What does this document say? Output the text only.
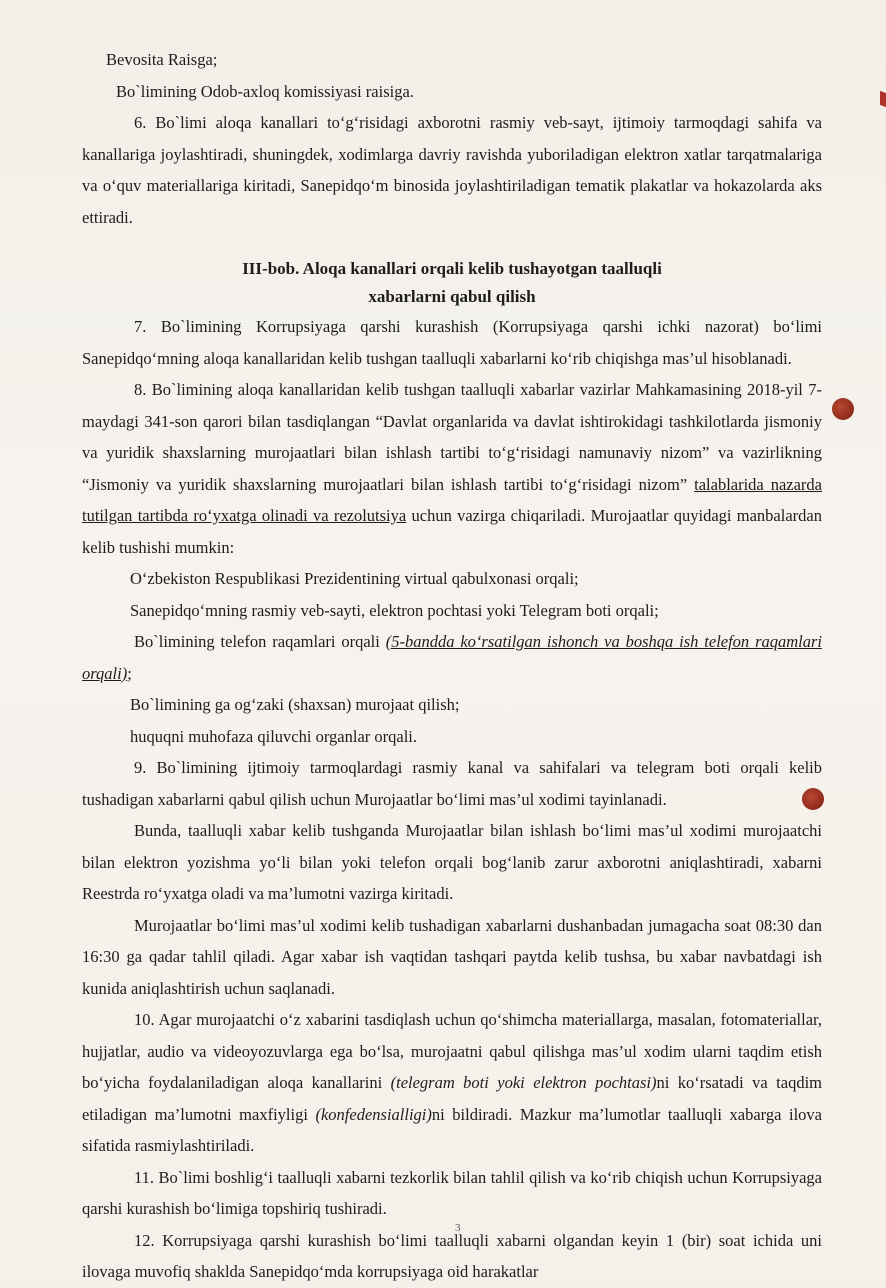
Bevosita Raisga;

Bo`limining Odob-axloq komissiyasi raisiga.

6. Bo`limi aloqa kanallari to‘g‘risidagi axborotni rasmiy veb-sayt, ijtimoiy tarmoqdagi sahifa va kanallariga joylashtiradi, shuningdek, xodimlarga davriy ravishda yuboriladigan elektron xatlar tarqatmalariga va o‘quv materiallariga kiritadi, Sanepidqo‘m binosida joylashtiriladigan tematik plakatlar va hokazolarda aks ettiradi.

III-bob. Aloqa kanallari orqali kelib tushayotgan taalluqli

xabarlarni qabul qilish

7. Bo`limining Korrupsiyaga qarshi kurashish (Korrupsiyaga qarshi ichki nazorat) bo‘limi Sanepidqo‘mning aloqa kanallaridan kelib tushgan taalluqli xabarlarni ko‘rib chiqishga mas’ul hisoblanadi.

8. Bo`limining aloqa kanallaridan kelib tushgan taalluqli xabarlar vazirlar Mahkamasining 2018-yil 7-maydagi 341-son qarori bilan tasdiqlangan “Davlat organlarida va davlat ishtirokidagi tashkilotlarda jismoniy va yuridik shaxslarning murojaatlari bilan ishlash tartibi to‘g‘risidagi namunaviy nizom” va vazirlikning “Jismoniy va yuridik shaxslarning murojaatlari bilan ishlash tartibi to‘g‘risidagi nizom” talablarida nazarda tutilgan tartibda ro‘yxatga olinadi va rezolutsiya uchun vazirga chiqariladi. Murojaatlar quyidagi manbalardan kelib tushishi mumkin:

O‘zbekiston Respublikasi Prezidentining virtual qabulxonasi orqali;

Sanepidqo‘mning rasmiy veb-sayti, elektron pochtasi yoki Telegram boti orqali;

Bo`limining telefon raqamlari orqali (5-bandda ko‘rsatilgan ishonch va boshqa ish telefon raqamlari orqali);

Bo`limining ga og‘zaki (shaxsan) murojaat qilish;

huquqni muhofaza qiluvchi organlar orqali.

9. Bo`limining ijtimoiy tarmoqlardagi rasmiy kanal va sahifalari va telegram boti orqali kelib tushadigan xabarlarni qabul qilish uchun Murojaatlar bo‘limi mas’ul xodimi tayinlanadi.

Bunda, taalluqli xabar kelib tushganda Murojaatlar bilan ishlash bo‘limi mas’ul xodimi murojaatchi bilan elektron yozishma yo‘li bilan yoki telefon orqali bog‘lanib zarur axborotni aniqlashtiradi, xabarni Reestrda ro‘yxatga oladi va ma’lumotni vazirga kiritadi.

Murojaatlar bo‘limi mas’ul xodimi kelib tushadigan xabarlarni dushanbadan jumagacha soat 08:30 dan 16:30 ga qadar tahlil qiladi. Agar xabar ish vaqtidan tashqari paytda kelib tushsa, bu xabar navbatdagi ish kunida aniqlashtirish uchun saqlanadi.

10. Agar murojaatchi o‘z xabarini tasdiqlash uchun qo‘shimcha materiallarga, masalan, fotomateriallar, hujjatlar, audio va videoyozuvlarga ega bo‘lsa, murojaatni qabul qilishga mas’ul xodim ularni taqdim etish bo‘yicha foydalaniladigan aloqa kanallarini (telegram boti yoki elektron pochtasi)ni ko‘rsatadi va taqdim etiladigan ma’lumotni maxfiyligi (konfedensialligi)ni bildiradi. Mazkur ma’lumotlar taalluqli xabarga ilova sifatida rasmiylashtiriladi.

11. Bo`limi boshlig‘i taalluqli xabarni tezkorlik bilan tahlil qilish va ko‘rib chiqish uchun Korrupsiyaga qarshi kurashish bo‘limiga topshiriq tushiradi.

12. Korrupsiyaga qarshi kurashish bo‘limi taalluqli xabarni olgandan keyin 1 (bir) soat ichida uni ilovaga muvofiq shaklda Sanepidqo‘mda korrupsiyaga oid harakatlar

3
